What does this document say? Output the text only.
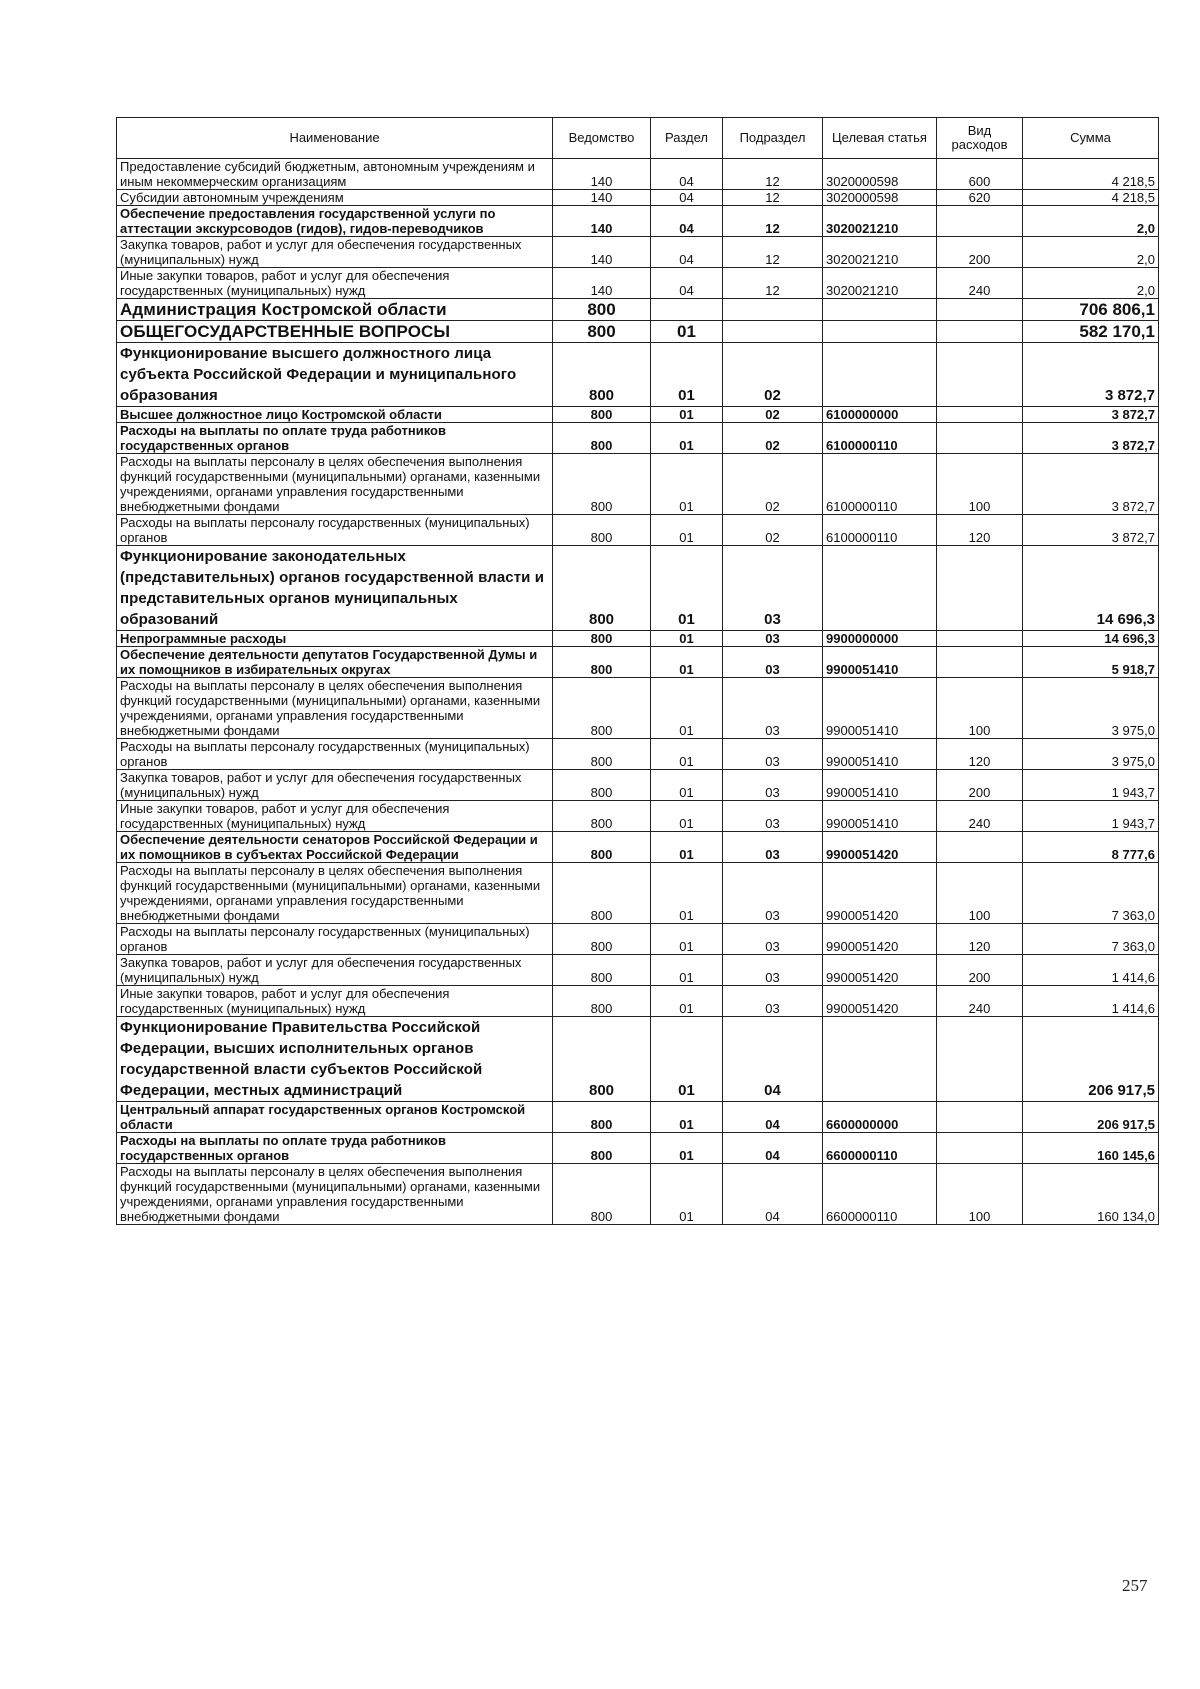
Наименование	Ведомство	Раздел	Подраздел	Целевая статья	Вид расходов	Сумма
Предоставление субсидий бюджетным, автономным учреждениям и иным некоммерческим организациям	140	04	12	3020000598	600	4 218,5
Субсидии автономным учреждениям	140	04	12	3020000598	620	4 218,5
Обеспечение предоставления государственной услуги по аттестации экскурсоводов (гидов), гидов-переводчиков	140	04	12	3020021210		2,0
Закупка товаров, работ и услуг для обеспечения государственных (муниципальных) нужд	140	04	12	3020021210	200	2,0
Иные закупки товаров, работ и услуг для обеспечения государственных (муниципальных) нужд	140	04	12	3020021210	240	2,0
Администрация Костромской области	800					706 806,1
ОБЩЕГОСУДАРСТВЕННЫЕ ВОПРОСЫ	800	01				582 170,1
Функционирование высшего должностного лица субъекта Российской Федерации и муниципального образования	800	01	02			3 872,7
Высшее должностное лицо Костромской области	800	01	02	6100000000		3 872,7
Расходы на выплаты по оплате труда работников государственных органов	800	01	02	6100000110		3 872,7
Расходы на выплаты персоналу в целях обеспечения выполнения функций государственными (муниципальными) органами, казенными учреждениями, органами управления государственными внебюджетными фондами	800	01	02	6100000110	100	3 872,7
Расходы на выплаты персоналу государственных (муниципальных) органов	800	01	02	6100000110	120	3 872,7
Функционирование законодательных (представительных) органов государственной власти и представительных органов муниципальных образований	800	01	03			14 696,3
Непрограммные расходы	800	01	03	9900000000		14 696,3
Обеспечение деятельности депутатов Государственной Думы и их помощников в избирательных округах	800	01	03	9900051410		5 918,7
Расходы на выплаты персоналу в целях обеспечения выполнения функций государственными (муниципальными) органами, казенными учреждениями, органами управления государственными внебюджетными фондами	800	01	03	9900051410	100	3 975,0
Расходы на выплаты персоналу государственных (муниципальных) органов	800	01	03	9900051410	120	3 975,0
Закупка товаров, работ и услуг для обеспечения государственных (муниципальных) нужд	800	01	03	9900051410	200	1 943,7
Иные закупки товаров, работ и услуг для обеспечения государственных (муниципальных) нужд	800	01	03	9900051410	240	1 943,7
Обеспечение деятельности сенаторов Российской Федерации и их помощников в субъектах Российской Федерации	800	01	03	9900051420		8 777,6
Расходы на выплаты персоналу в целях обеспечения выполнения функций государственными (муниципальными) органами, казенными учреждениями, органами управления государственными внебюджетными фондами	800	01	03	9900051420	100	7 363,0
Расходы на выплаты персоналу государственных (муниципальных) органов	800	01	03	9900051420	120	7 363,0
Закупка товаров, работ и услуг для обеспечения государственных (муниципальных) нужд	800	01	03	9900051420	200	1 414,6
Иные закупки товаров, работ и услуг для обеспечения государственных (муниципальных) нужд	800	01	03	9900051420	240	1 414,6
Функционирование Правительства Российской Федерации, высших исполнительных органов государственной власти субъектов Российской Федерации, местных администраций	800	01	04			206 917,5
Центральный аппарат государственных органов Костромской области	800	01	04	6600000000		206 917,5
Расходы на выплаты по оплате труда работников государственных органов	800	01	04	6600000110		160 145,6
Расходы на выплаты персоналу в целях обеспечения выполнения функций государственными (муниципальными) органами, казенными учреждениями, органами управления государственными внебюджетными фондами	800	01	04	6600000110	100	160 134,0
257
